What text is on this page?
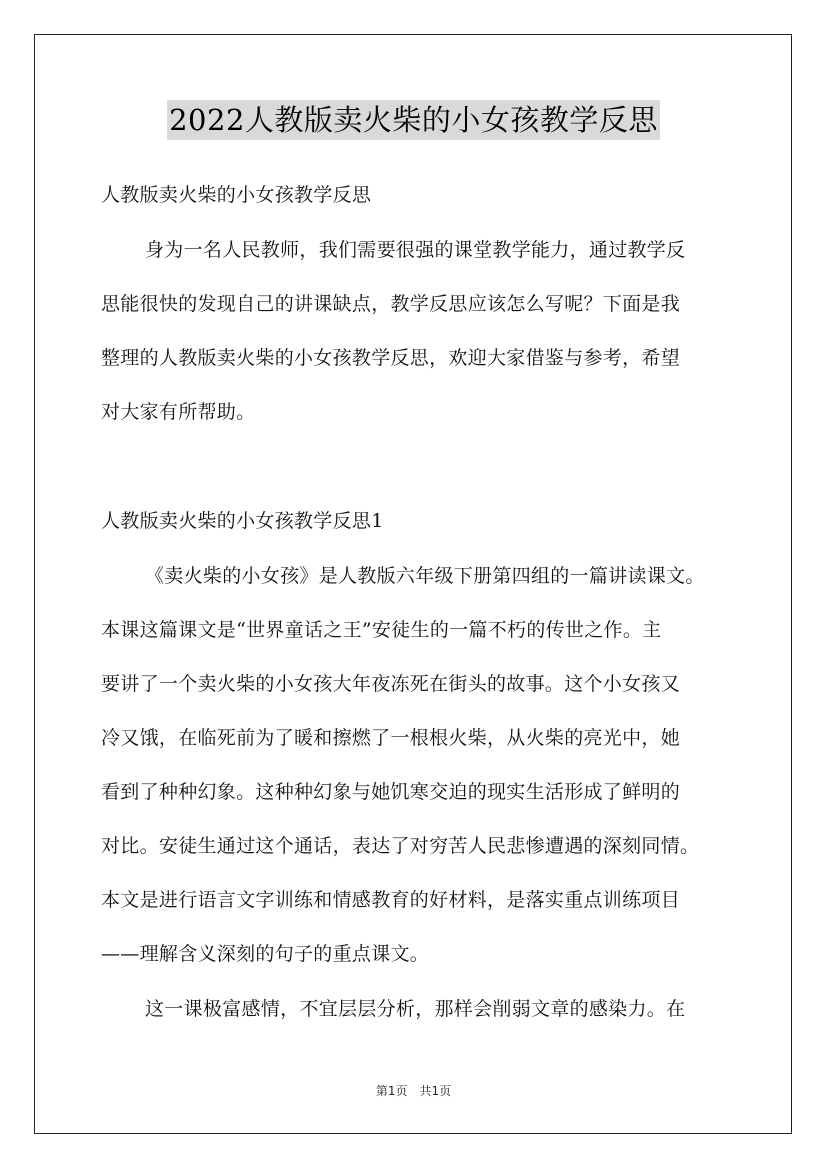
2022人教版卖火柴的小女孩教学反思
人教版卖火柴的小女孩教学反思
身为一名人民教师，我们需要很强的课堂教学能力，通过教学反
思能很快的发现自己的讲课缺点，教学反思应该怎么写呢？下面是我
整理的人教版卖火柴的小女孩教学反思，欢迎大家借鉴与参考，希望
对大家有所帮助。
人教版卖火柴的小女孩教学反思1
《卖火柴的小女孩》是人教版六年级下册第四组的一篇讲读课文。
本课这篇课文是“世界童话之王”安徒生的一篇不朽的传世之作。主
要讲了一个卖火柴的小女孩大年夜冻死在街头的故事。这个小女孩又
冷又饿，在临死前为了暖和擦燃了一根根火柴，从火柴的亮光中，她
看到了种种幻象。这种种幻象与她饥寒交迫的现实生活形成了鲜明的
对比。安徒生通过这个通话，表达了对穷苦人民悲惨遭遇的深刻同情。
本文是进行语言文字训练和情感教育的好材料，是落实重点训练项目
——理解含义深刻的句子的重点课文。
这一课极富感情，不宜层层分析，那样会削弱文章的感染力。在
第1页　共1页
